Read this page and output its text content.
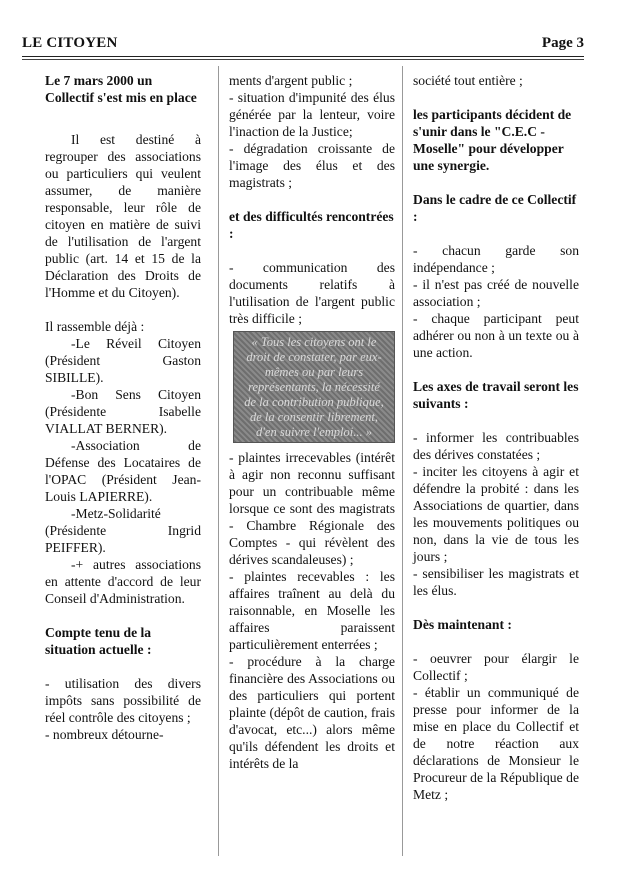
LE CITOYEN	Page 3

Le 7 mars 2000 un Collectif s'est mis en place

Il est destiné à regrouper des associations ou particuliers qui veulent assumer, de manière responsable, leur rôle de citoyen en matière de suivi de l'utilisation de l'argent public (art. 14 et 15 de la Déclaration des Droits de l'Homme et du Citoyen).

Il rassemble déjà :

-Le Réveil Citoyen (Président Gaston SIBILLE).

-Bon Sens Citoyen (Présidente Isabelle VIALLAT BERNER).

-Association de Défense des Locataires de l'OPAC (Président Jean-Louis LAPIERRE).

-Metz-Solidarité (Présidente Ingrid PEIFFER).

-+ autres associations en attente d'accord de leur Conseil d'Administration.

Compte tenu de la situation actuelle :

- utilisation des divers impôts sans possibilité de réel contrôle des citoyens ;

- nombreux détourne-

ments d'argent public ;

- situation d'impunité des élus générée par la lenteur, voire l'inaction de la Justice;

- dégradation croissante de l'image des élus et des magistrats ;

et des difficultés rencontrées :

- communication des documents relatifs à l'utilisation de l'argent public très difficile ;

« Tous les citoyens ont le droit de constater, par eux-mêmes ou par leurs représentants, la nécessité de la contribution publique, de la consentir librement, d'en suivre l'emploi... »

- plaintes irrecevables (intérêt à agir non reconnu suffisant pour un contribuable même lorsque ce sont des magistrats - Chambre Régionale des Comptes - qui révèlent des dérives scandaleuses) ;

- plaintes recevables : les affaires traînent au delà du raisonnable, en Moselle les affaires paraissent particulièrement enterrées ;

- procédure à la charge financière des Associations ou des particuliers qui portent plainte (dépôt de caution, frais d'avocat, etc...) alors même qu'ils défendent les droits et intérêts de la

société tout entière ;

les participants décident de s'unir dans le "C.E.C - Moselle" pour développer une synergie.

Dans le cadre de ce Collectif :

- chacun garde son indépendance ;

- il n'est pas créé de nouvelle association ;

- chaque participant peut adhérer ou non à un texte ou à une action.

Les axes de travail seront les suivants :

- informer les contribuables des dérives constatées ;

- inciter les citoyens à agir et défendre la probité : dans les Associations de quartier, dans les mouvements politiques ou non, dans la vie de tous les jours ;

- sensibiliser les magistrats et les élus.

Dès maintenant :

- oeuvrer pour élargir le Collectif ;

- établir un communiqué de presse pour informer de la mise en place du Collectif et de notre réaction aux déclarations de Monsieur le Procureur de la République de Metz ;
